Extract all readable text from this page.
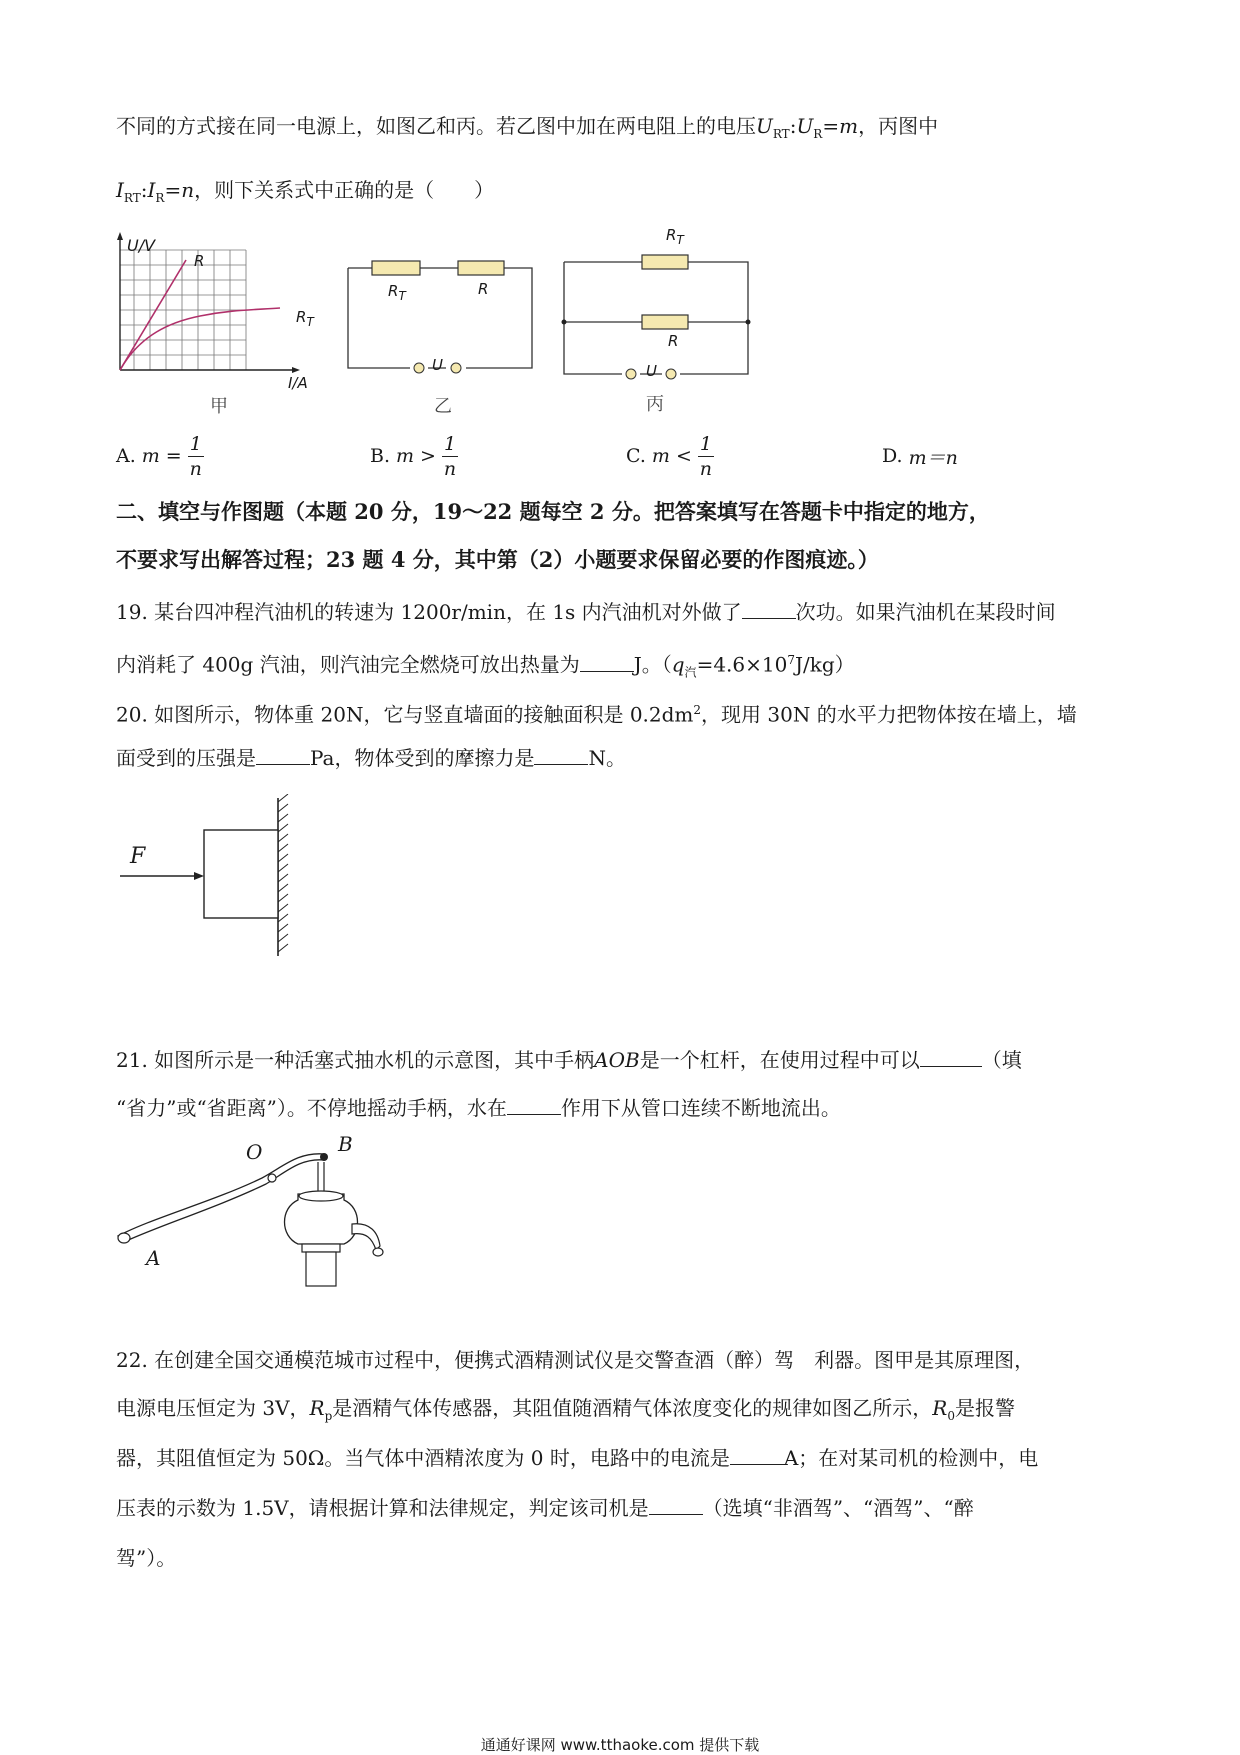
不同的方式接在同一电源上，如图乙和丙。若乙图中加在两电阻上的电压$U_{RT}:U_R=m$，丙图中
$I_{RT}:I_R=n$，则下关系式中正确的是（　　）
U/V
R
$R_T$
I/A
甲
$R_T$	R
U
乙
$R_T$
R
U
丙
A. $m = \frac{1}{n}$	B. $m > \frac{1}{n}$	C. $m < \frac{1}{n}$	D. m＝n
二、填空与作图题（本题 20 分，19～22 题每空 2 分。把答案填写在答题卡中指定的地方，
不要求写出解答过程；23 题 4 分，其中第（2）小题要求保留必要的作图痕迹。）
19. 某台四冲程汽油机的转速为 1200r/min，在 1s 内汽油机对外做了	次功。如果汽油机在某段时间
内消耗了 400g 汽油，则汽油完全燃烧可放出热量为	J。$(q_汽=4.6\times 10^7J/kg)$
20. 如图所示，物体重 20N，它与竖直墙面的接触面积是 $0.2dm^2$，现用 30N 的水平力把物体按在墙上，墙
面受到的压强是	Pa，物体受到的摩擦力是	N。
F
21. 如图所示是一种活塞式抽水机的示意图，其中手柄AOB是一个杠杆，在使用过程中可以	（填
“省力”或“省距离”）。不停地摇动手柄，水在	作用下从管口连续不断地流出。
O	B
A
22. 在创建全国交通模范城市过程中，便携式酒精测试仪是交警查酒（醉）驾　利器。图甲是其原理图，
电源电压恒定为 3V，$R_p$是酒精气体传感器，其阻值随酒精气体浓度变化的规律如图乙所示，$R_0$是报警
器，其阻值恒定为 50Ω。当气体中酒精浓度为 0 时，电路中的电流是	A；在对某司机的检测中，电
压表的示数为 1.5V，请根据计算和法律规定，判定该司机是	（选填“非酒驾”、“酒驾”、“醉
驾”）。
通通好课网 www.tthaoke.com 提供下载
